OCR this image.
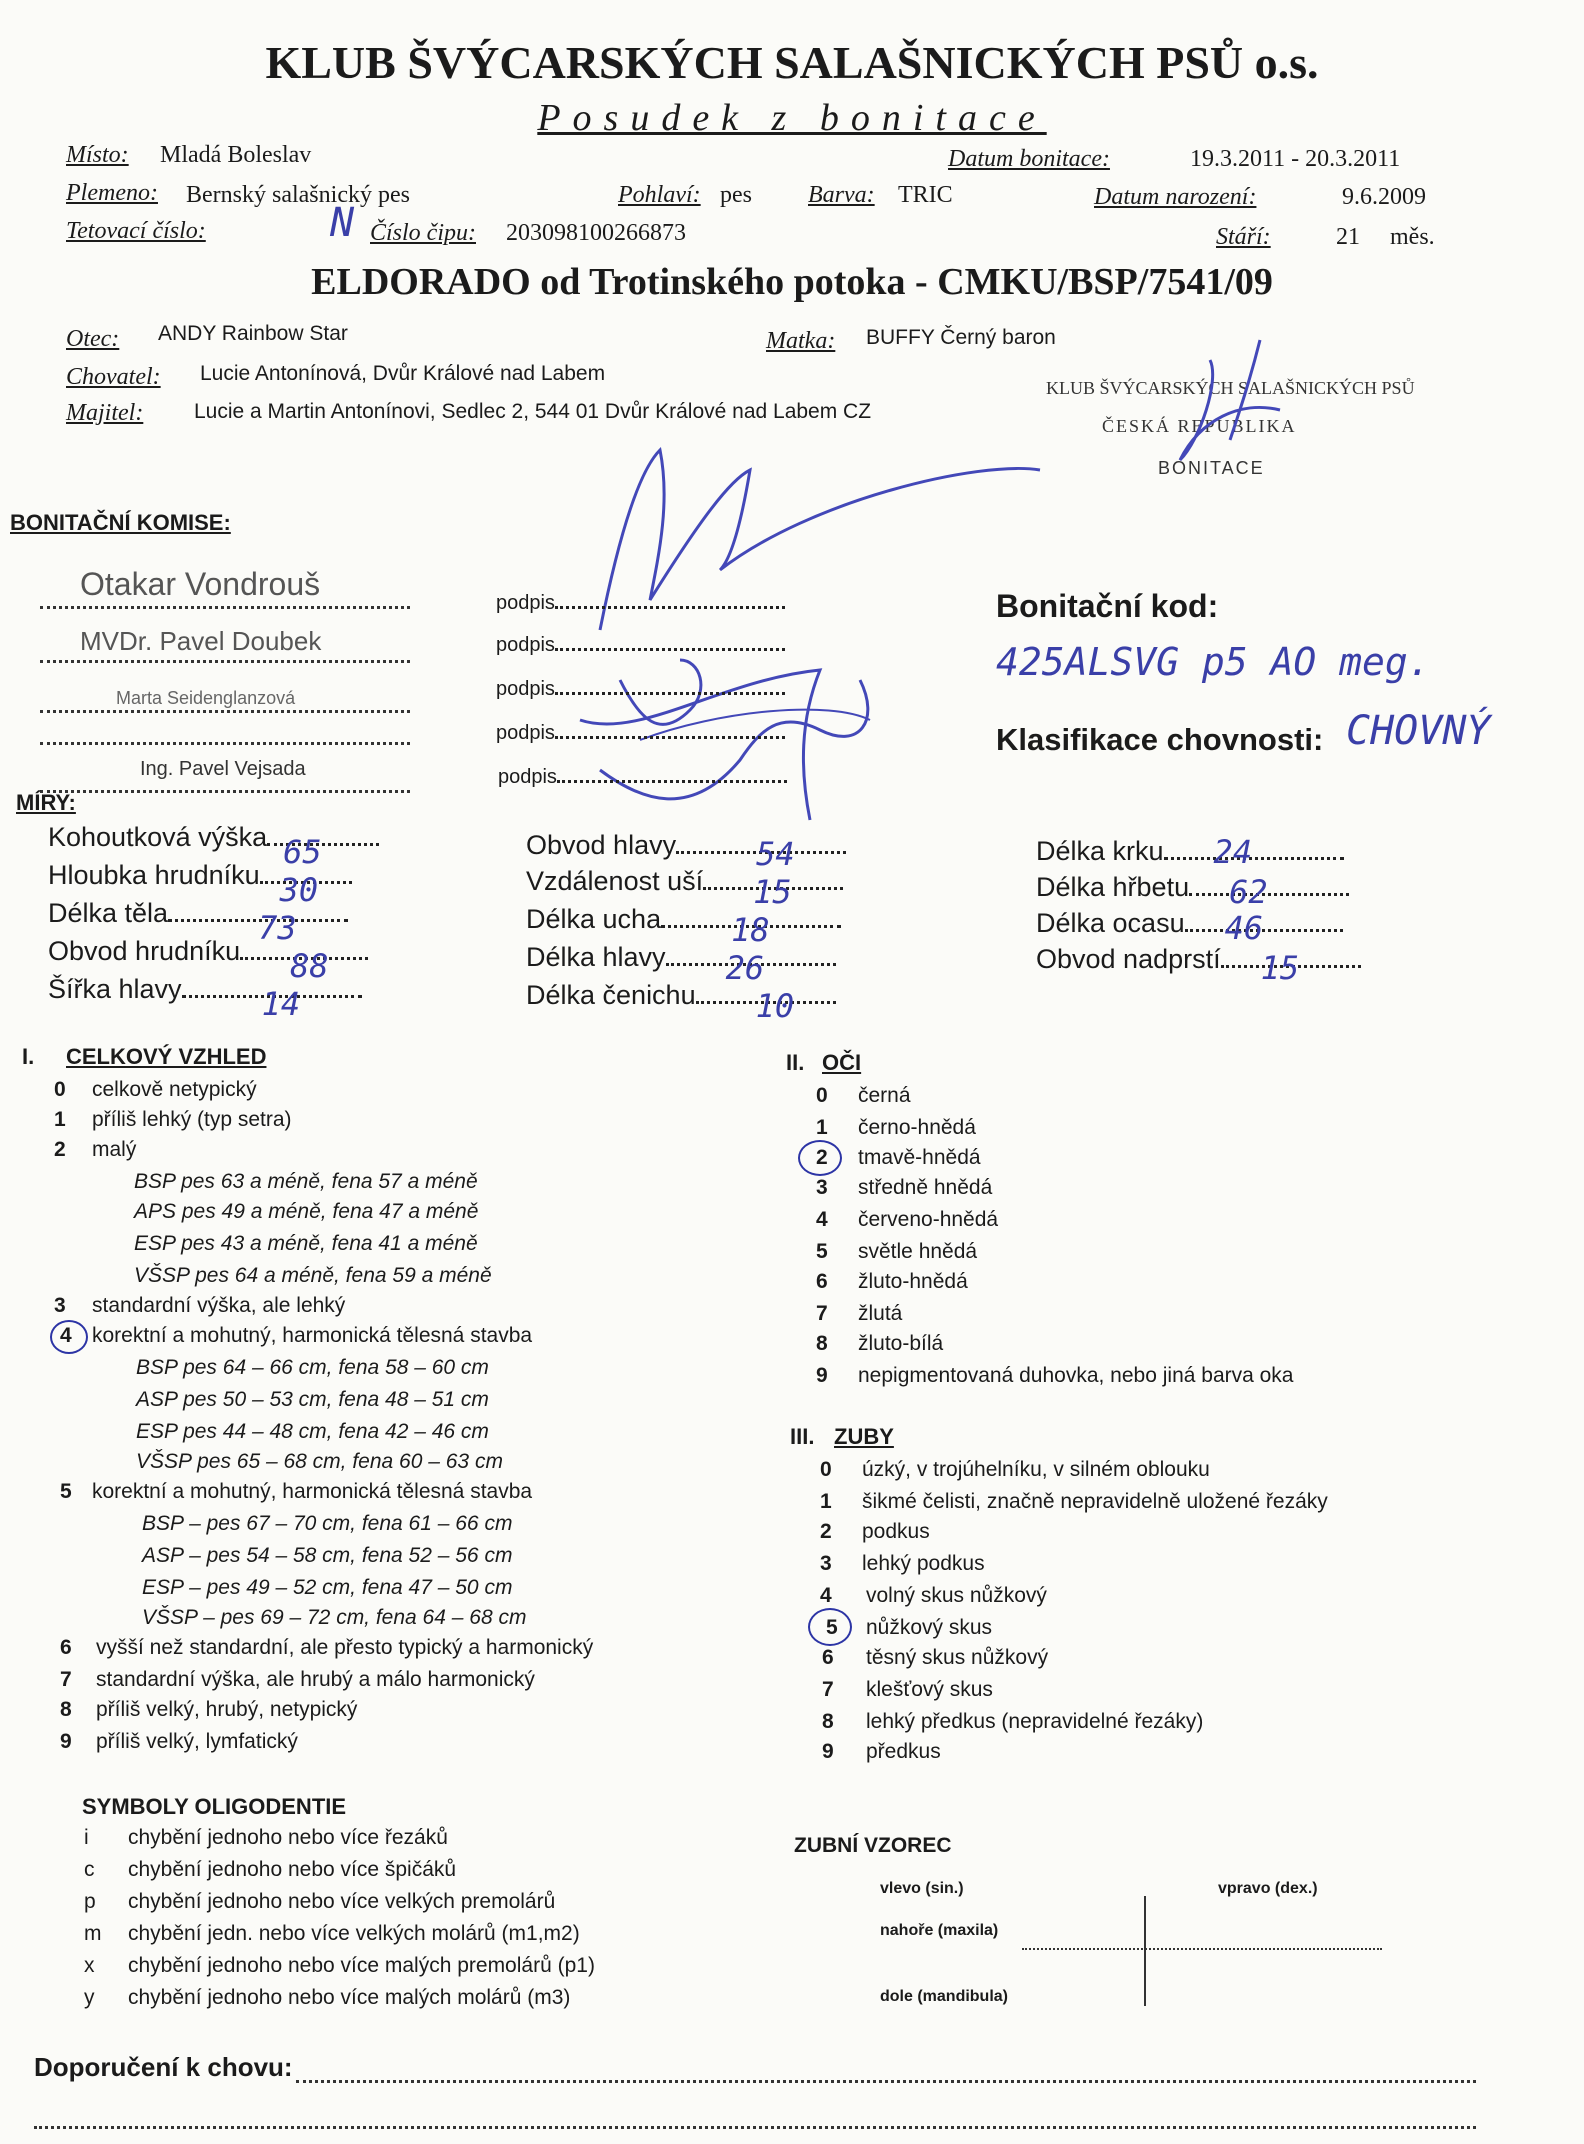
KLUB ŠVÝCARSKÝCH SALAŠNICKÝCH PSŮ o.s.
Posudek z bonitace
Místo: Mladá Boleslav	Datum bonitace:	19.3.2011 - 20.3.2011
Plemeno: Bernský salašnický pes	Pohlaví: pes Barva: TRIC	Datum narození:	9.6.2009
Tetovací číslo:	N Číslo čipu: 203098100266873	Stáří:	21 měs.
ELDORADO od Trotinského potoka - CMKU/BSP/7541/09
Otec: ANDY Rainbow Star	Matka: BUFFY Černý baron
Chovatel: Lucie Antonínová, Dvůr Králové nad Labem
Majitel: Lucie a Martin Antonínovi, Sedlec 2, 544 01 Dvůr Králové nad Labem CZ
KLUB ŠVÝCARSKÝCH SALAŠNICKÝCH PSŮ
ČESKÁ REPUBLIKA
BONITACE
BONITAČNÍ KOMISE:
Otakar Vondrouš
MVDr. Pavel Doubek
Marta Seidenglanzová
Ing. Pavel Vejsada
podpis
podpis
podpis
podpis
podpis
Bonitační kod:
425ALSVG p5 AO meg.
Klasifikace chovnosti: CHOVNÝ
MÍRY:
Kohoutková výška 65
Hloubka hrudníku 30
Délka těla	73
Obvod hrudníku 88
Šířka hlavy	14
Obvod hlavy	54
Vzdálenost uší 15
Délka ucha 18
Délka hlavy 26
Délka čenichu 10
Délka krku 24
Délka hřbetu 62
Délka ocasu 46
Obvod nadprstí 15
I. CELKOVÝ VZHLED
0 celkově netypický
1 příliš lehký (typ setra)
2 malý
BSP pes 63 a méně, fena 57 a méně
APS pes 49 a méně, fena 47 a méně
ESP pes 43 a méně, fena 41 a méně
VŠSP pes 64 a méně, fena 59 a méně
3 standardní výška, ale lehký
4 korektní a mohutný, harmonická tělesná stavba
BSP pes 64 – 66 cm, fena 58 – 60 cm
ASP pes 50 – 53 cm, fena 48 – 51 cm
ESP pes 44 – 48 cm, fena 42 – 46 cm
VŠSP pes 65 – 68 cm, fena 60 – 63 cm
5 korektní a mohutný, harmonická tělesná stavba
BSP – pes 67 – 70 cm, fena 61 – 66 cm
ASP – pes 54 – 58 cm, fena 52 – 56 cm
ESP – pes 49 – 52 cm, fena 47 – 50 cm
VŠSP – pes 69 – 72 cm, fena 64 – 68 cm
6 vyšší než standardní, ale přesto typický a harmonický
7 standardní výška, ale hrubý a málo harmonický
8 příliš velký, hrubý, netypický
9 příliš velký, lymfatický
II. OČI
0 černá
1 černo-hnědá
2 tmavě-hnědá
3 středně hnědá
4 červeno-hnědá
5 světle hnědá
6 žluto-hnědá
7 žlutá
8 žluto-bílá
9 nepigmentovaná duhovka, nebo jiná barva oka
III. ZUBY
0 úzký, v trojúhelníku, v silném oblouku
1 šikmé čelisti, značně nepravidelně uložené řezáky
2 podkus
3 lehký podkus
4 volný skus nůžkový
5 nůžkový skus
6 těsný skus nůžkový
7 klešťový skus
8 lehký předkus (nepravidelné řezáky)
9 předkus
SYMBOLY OLIGODENTIE
i chybění jednoho nebo více řezáků
c chybění jednoho nebo více špičáků
p chybění jednoho nebo více velkých premolárů
m chybění jedn. nebo více velkých molárů (m1,m2)
x chybění jednoho nebo více malých premolárů (p1)
y chybění jednoho nebo více malých molárů (m3)
ZUBNÍ VZOREC
vlevo (sin.)	vpravo (dex.)
nahoře (maxila)
dole (mandibula)
Doporučení k chovu:
